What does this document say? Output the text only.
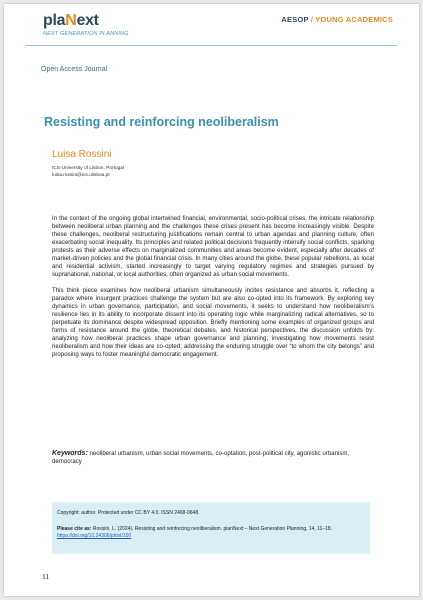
plaNext
NEXT GENERATION PLANNING
AESOP / YOUNG ACADEMICS
Open Access Journal
Resisting and reinforcing neoliberalism
Luisa Rossini
ICS-University of Lisbon, Portugal
luisa.rossini@ics.ulisboa.pt

In the context of the ongoing global intertwined financial, environmental, socio-political crises, the intricate relationship between neoliberal urban planning and the challenges these crises present has become increasingly visible. Despite these challenges, neoliberal restructuring justifications remain central to urban agendas and planning culture, often exacerbating social inequality. Its principles and related political decisions frequently intensify social conflicts, sparking protests as their adverse effects on marginalized communities and areas become evident, especially after decades of market-driven policies and the global financial crisis. In many cities around the globe, these popular rebellions, as local and residential activism, started increasingly to target varying regulatory regimes and strategies pursued by supranational, national, or local authorities, often organized as urban social movements.

This think piece examines how neoliberal urbanism simultaneously incites resistance and absorbs it, reflecting a paradox where insurgent practices challenge the system but are also co-opted into its framework. By exploring key dynamics in urban governance, participation, and social movements, it seeks to understand how neoliberalism’s resilience lies in its ability to incorporate dissent into its operating logic while marginalizing radical alternatives, so to perpetuate its dominance despite widespread opposition. Briefly mentioning some examples of organized groups and forms of resistance around the globe, theoretical debates, and historical perspectives, the discussion unfolds by: analyzing how neoliberal practices shape urban governance and planning; investigating how movements resist neoliberalism and how their ideas are co-opted; addressing the enduring struggle over “to whom the city belongs” and proposing ways to foster meaningful democratic engagement.

Keywords: neoliberal urbanism, urban social movements, co-optation, post-political city, agonistic urbanism, democracy
Copyright: author. Protected under CC BY 4.0. ISSN 2468-0648.
Please cite as: Rossini, L. (2024). Resisting and reinforcing neoliberalism. planNext – Next Generation Planning, 14, 11–18. https://doi.org/10.24306/plnxt/100
11
